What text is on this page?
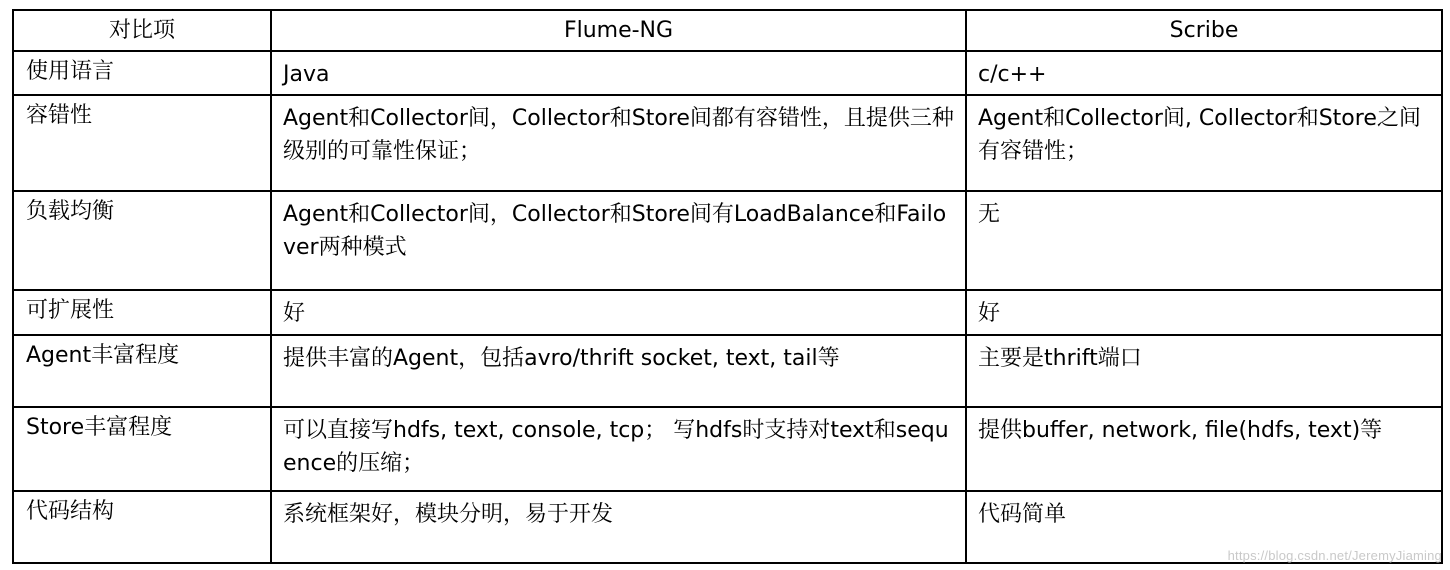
对比项	Flume-NG	Scribe
使用语言	Java	c/c++
容错性	Agent和Collector间，Collector和Store间都有容错性，且提供三种级别的可靠性保证；	Agent和Collector间, Collector和Store之间有容错性；
负载均衡	Agent和Collector间，Collector和Store间有LoadBalance和Failover两种模式	无
可扩展性	好	好
Agent丰富程度	提供丰富的Agent，包括avro/thrift socket, text, tail等	主要是thrift端口
Store丰富程度	可以直接写hdfs, text, console, tcp； 写hdfs时支持对text和sequence的压缩；	提供buffer, network, file(hdfs, text)等
代码结构	系统框架好，模块分明，易于开发	代码简单
https://blog.csdn.net/JeremyJiaming
